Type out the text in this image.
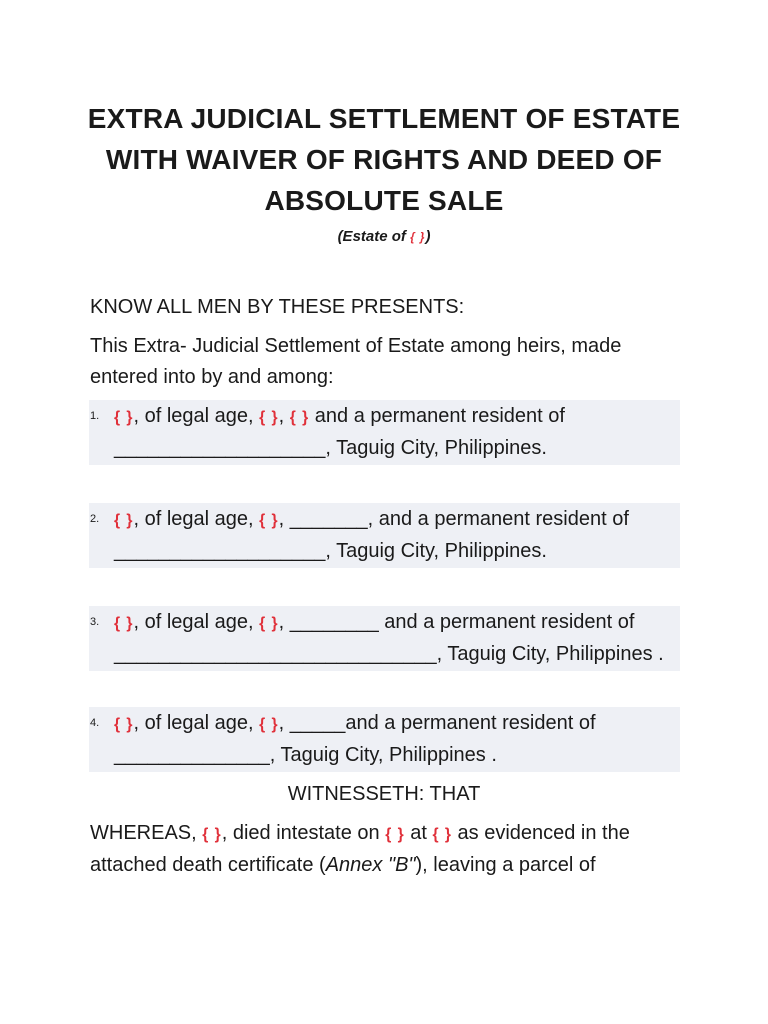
EXTRA JUDICIAL SETTLEMENT OF ESTATE WITH WAIVER OF RIGHTS AND DEED OF ABSOLUTE SALE
(Estate of { })
KNOW ALL MEN BY THESE PRESENTS:
This Extra- Judicial Settlement of Estate among heirs, made entered into by and among:
1. { }, of legal age, { }, { } and a permanent resident of
___________________, Taguig City, Philippines.
2. { }, of legal age, { }, _______, and a permanent resident of
___________________, Taguig City, Philippines.
3. { }, of legal age, { }, ________ and a permanent resident of
_____________________________, Taguig City, Philippines .
4. { }, of legal age, { }, _____and a permanent resident of
______________, Taguig City, Philippines .
WITNESSETH: THAT
WHEREAS, { }, died intestate on { } at { } as evidenced in the attached death certificate (Annex "B"), leaving a parcel of
